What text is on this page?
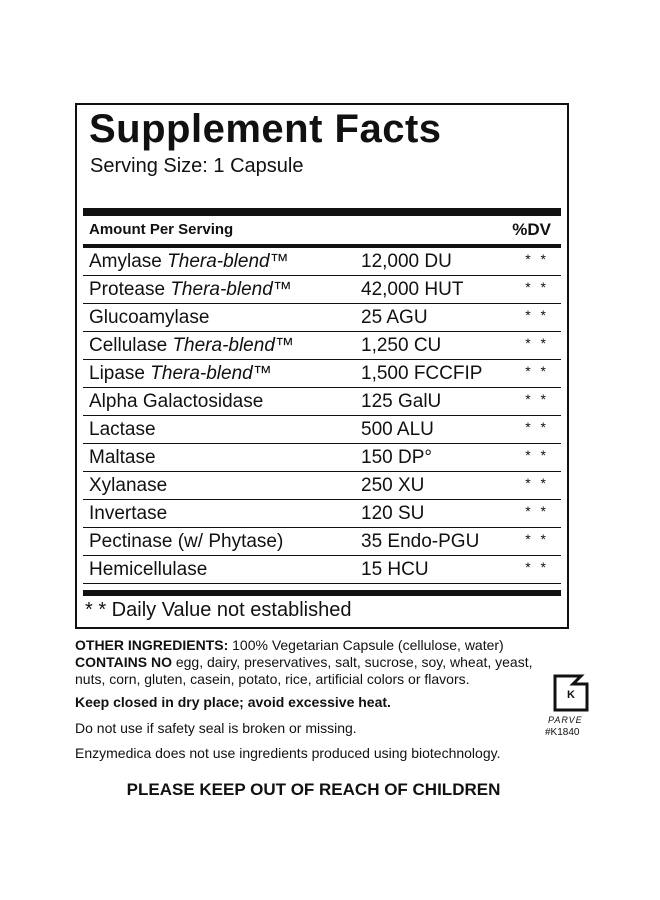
Supplement Facts
Serving Size: 1 Capsule
Amount Per Serving	%DV
Amylase Thera-blend™	12,000 DU	* *
Protease Thera-blend™	42,000 HUT	* *
Glucoamylase	25 AGU	* *
Cellulase Thera-blend™	1,250 CU	* *
Lipase Thera-blend™	1,500 FCCFIP	* *
Alpha Galactosidase	125 GalU	* *
Lactase	500 ALU	* *
Maltase	150 DP°	* *
Xylanase	250 XU	* *
Invertase	120 SU	* *
Pectinase (w/ Phytase)	35 Endo-PGU	* *
Hemicellulase	15 HCU	* *
* * Daily Value not established
OTHER INGREDIENTS: 100% Vegetarian Capsule (cellulose, water)
CONTAINS NO egg, dairy, preservatives, salt, sucrose, soy, wheat, yeast, nuts, corn, gluten, casein, potato, rice, artificial colors or flavors.
Keep closed in dry place; avoid excessive heat.
Do not use if safety seal is broken or missing.
Enzymedica does not use ingredients produced using biotechnology.
PLEASE KEEP OUT OF REACH OF CHILDREN
K
PARVE
#K1840
